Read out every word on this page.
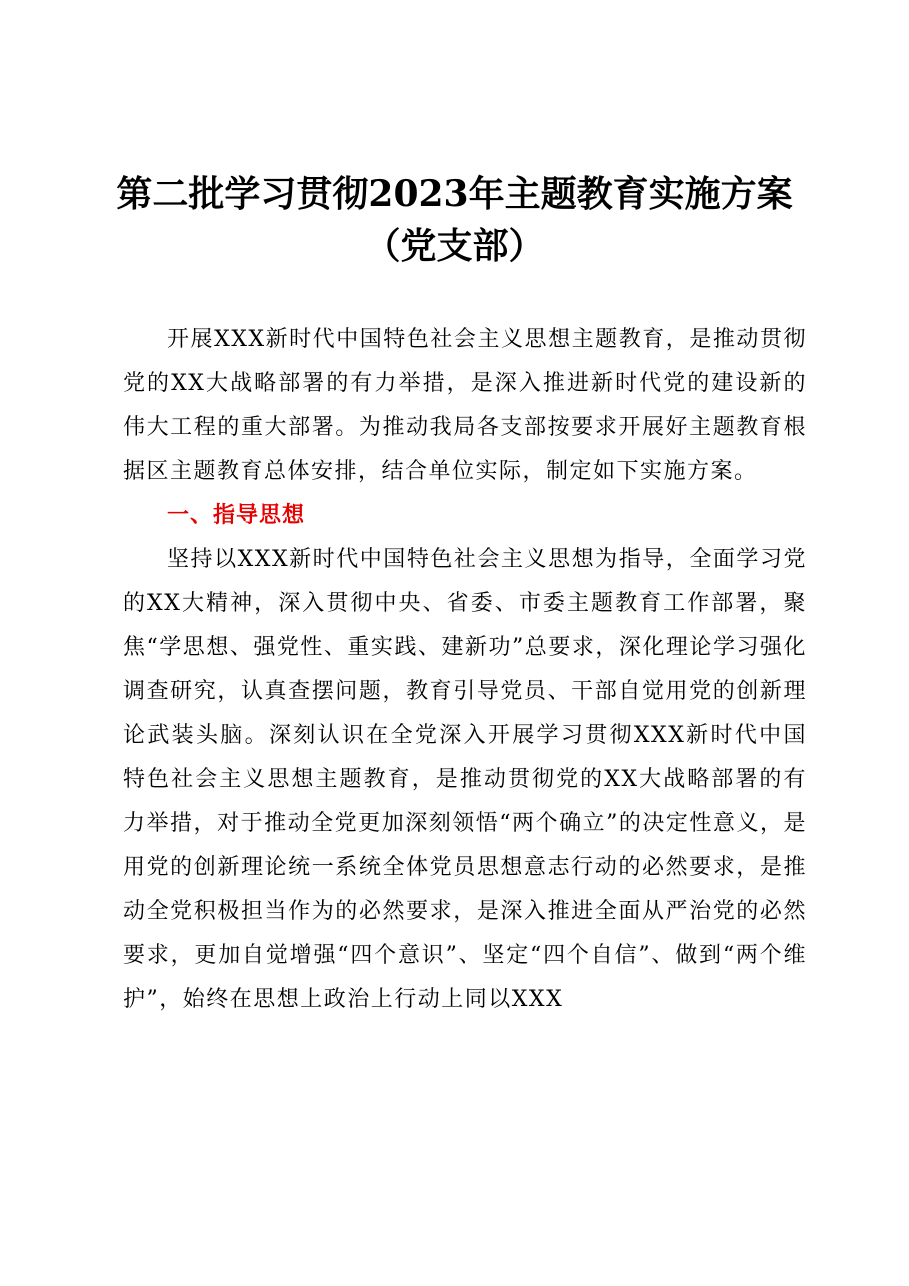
第二批学习贯彻2023年主题教育实施方案（党支部）

开展XXX新时代中国特色社会主义思想主题教育，是推动贯彻党的XX大战略部署的有力举措，是深入推进新时代党的建设新的伟大工程的重大部署。为推动我局各支部按要求开展好主题教育根据区主题教育总体安排，结合单位实际，制定如下实施方案。

一、指导思想

坚持以XXX新时代中国特色社会主义思想为指导，全面学习党的XX大精神，深入贯彻中央、省委、市委主题教育工作部署，聚焦“学思想、强党性、重实践、建新功”总要求，深化理论学习强化调查研究，认真查摆问题，教育引导党员、干部自觉用党的创新理论武装头脑。深刻认识在全党深入开展学习贯彻XXX新时代中国特色社会主义思想主题教育，是推动贯彻党的XX大战略部署的有力举措，对于推动全党更加深刻领悟“两个确立”的决定性意义，是用党的创新理论统一系统全体党员思想意志行动的必然要求，是推动全党积极担当作为的必然要求，是深入推进全面从严治党的必然要求，更加自觉增强“四个意识”、坚定“四个自信”、做到“两个维护”，始终在思想上政治上行动上同以XXX
